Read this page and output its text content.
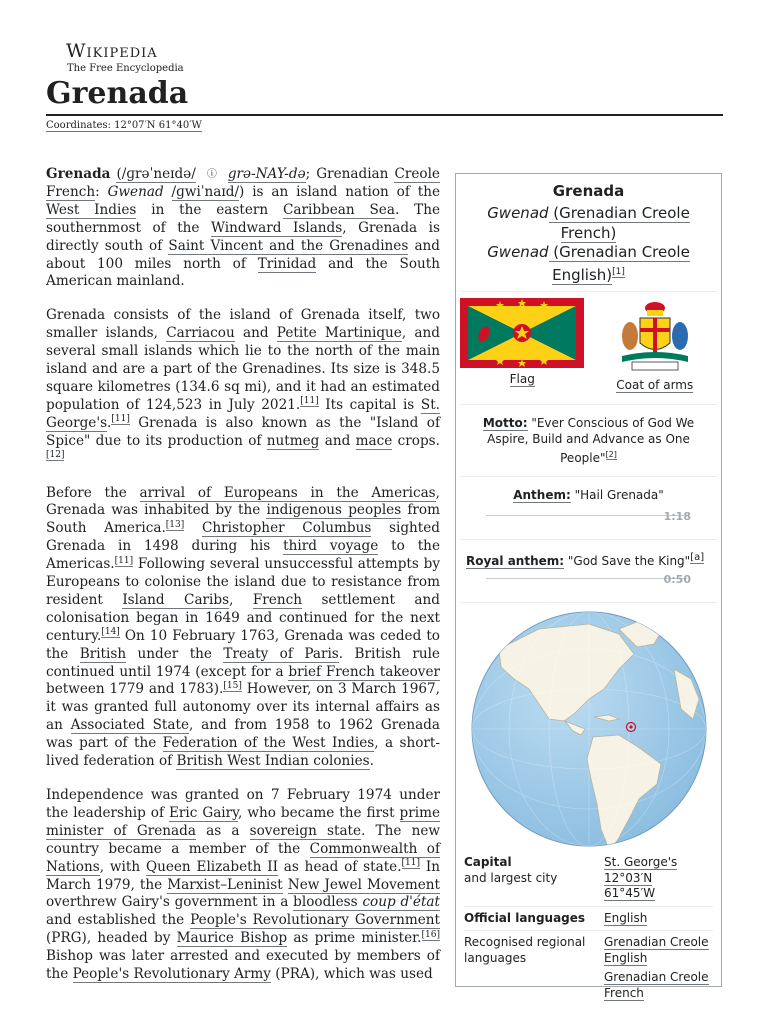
Wikipedia
The Free Encyclopedia
Grenada
Coordinates: 12°07′N 61°40′W

Grenada (/ɡrəˈneɪdə/ ⓘ grə-NAY-də; Grenadian Creole French: Gwenad /ɡwiˈnaɪd/) is an island nation of the West Indies in the eastern Caribbean Sea. The southernmost of the Windward Islands, Grenada is directly south of Saint Vincent and the Grenadines and about 100 miles north of Trinidad and the South American mainland.

Grenada consists of the island of Grenada itself, two smaller islands, Carriacou and Petite Martinique, and several small islands which lie to the north of the main island and are a part of the Grenadines. Its size is 348.5 square kilometres (134.6 sq mi), and it had an estimated population of 124,523 in July 2021.[11] Its capital is St. George's.[11] Grenada is also known as the "Island of Spice" due to its production of nutmeg and mace crops.[12]

Before the arrival of Europeans in the Americas, Grenada was inhabited by the indigenous peoples from South America.[13] Christopher Columbus sighted Grenada in 1498 during his third voyage to the Americas.[11] Following several unsuccessful attempts by Europeans to colonise the island due to resistance from resident Island Caribs, French settlement and colonisation began in 1649 and continued for the next century.[14] On 10 February 1763, Grenada was ceded to the British under the Treaty of Paris. British rule continued until 1974 (except for a brief French takeover between 1779 and 1783).[15] However, on 3 March 1967, it was granted full autonomy over its internal affairs as an Associated State, and from 1958 to 1962 Grenada was part of the Federation of the West Indies, a short-lived federation of British West Indian colonies.

Independence was granted on 7 February 1974 under the leadership of Eric Gairy, who became the first prime minister of Grenada as a sovereign state. The new country became a member of the Commonwealth of Nations, with Queen Elizabeth II as head of state.[11] In March 1979, the Marxist–Leninist New Jewel Movement overthrew Gairy's government in a bloodless coup d'état and established the People's Revolutionary Government (PRG), headed by Maurice Bishop as prime minister.[16] Bishop was later arrested and executed by members of the People's Revolutionary Army (PRA), which was used

Grenada
Gwenad (Grenadian Creole French)
Gwenad (Grenadian Creole English)[1]
Flag	Coat of arms
Motto: "Ever Conscious of God We Aspire, Build and Advance as One People"[2]
Anthem: "Hail Grenada"
1:18
Royal anthem: "God Save the King"[a]
0:50
Capital
and largest city
St. George's
12°03′N
61°45′W
Official languages	English
Recognised regional languages
Grenadian Creole English
Grenadian Creole French
